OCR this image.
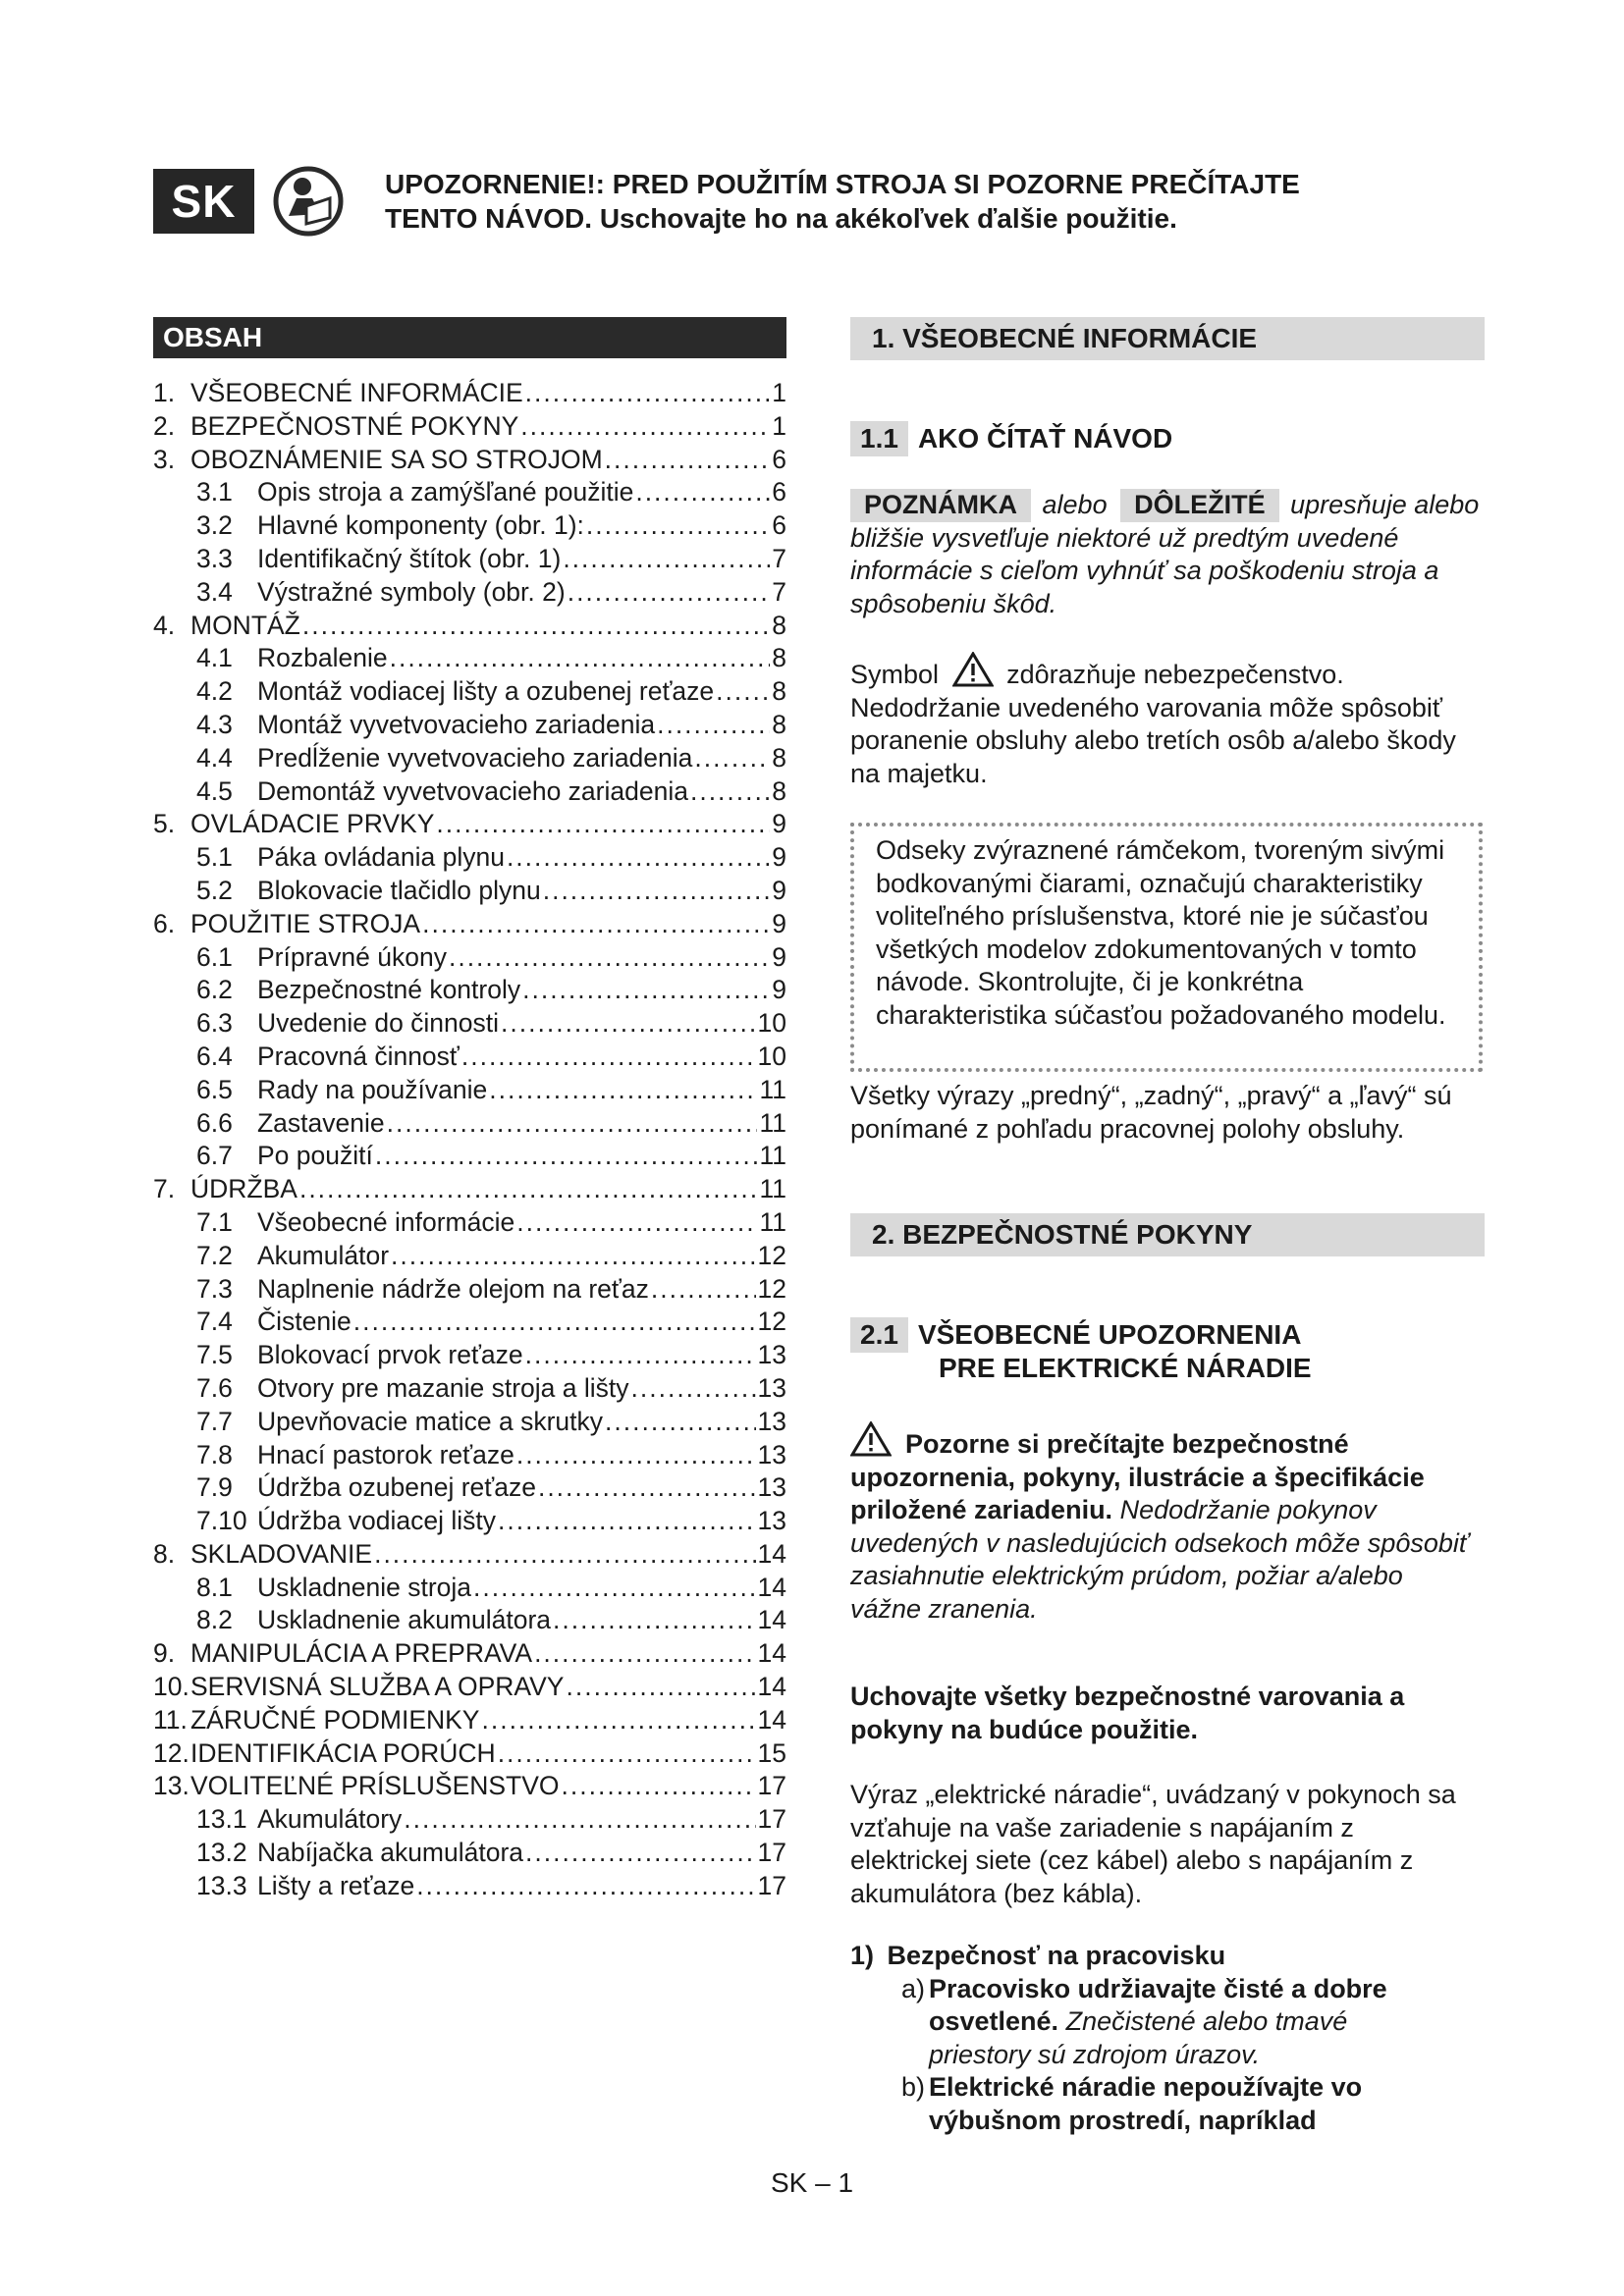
SK	UPOZORNENIE!: PRED POUŽITÍM STROJA SI POZORNE PREČÍTAJTE
TENTO NÁVOD. Uschovajte ho na akékoľvek ďalšie použitie.
OBSAH
1. VŠEOBECNÉ INFORMÁCIE .....	1
2. BEZPEČNOSTNÉ POKYNY .....	1
3. OBOZNÁMENIE SA SO STROJOM .....	6
3.1 Opis stroja a zamýšľané použitie .....	6
3.2 Hlavné komponenty (obr. 1): .....	6
3.3 Identifikačný štítok (obr. 1) .....	7
3.4 Výstražné symboly (obr. 2) .....	7
4. MONTÁŽ .....	8
4.1 Rozbalenie .....	8
4.2 Montáž vodiacej lišty a ozubenej reťaze ..... 8
4.3 Montáž vyvetvovacieho zariadenia .....	8
4.4 Predĺženie vyvetvovacieho zariadenia .....	8
4.5 Demontáž vyvetvovacieho zariadenia .....	8
5. OVLÁDACIE PRVKY .....	9
5.1 Páka ovládania plynu .....	9
5.2 Blokovacie tlačidlo plynu .....	9
6. POUŽITIE STROJA .....	9
6.1 Prípravné úkony .....	9
6.2 Bezpečnostné kontroly .....	9
6.3 Uvedenie do činnosti .....	10
6.4 Pracovná činnosť .....	10
6.5 Rady na používanie .....	11
6.6 Zastavenie .....	11
6.7 Po použití .....	11
7. ÚDRŽBA .....	11
7.1 Všeobecné informácie .....	11
7.2 Akumulátor .....	12
7.3 Naplnenie nádrže olejom na reťaz .....	12
7.4 Čistenie .....	12
7.5 Blokovací prvok reťaze .....	13
7.6 Otvory pre mazanie stroja a lišty .....	13
7.7 Upevňovacie matice a skrutky .....	13
7.8 Hnací pastorok reťaze .....	13
7.9 Údržba ozubenej reťaze .....	13
7.10 Údržba vodiacej lišty .....	13
8. SKLADOVANIE .....	14
8.1 Uskladnenie stroja .....	14
8.2 Uskladnenie akumulátora .....	14
9. MANIPULÁCIA A PREPRAVA .....	14
10. SERVISNÁ SLUŽBA A OPRAVY .....	14
11. ZÁRUČNÉ PODMIENKY .....	14
12. IDENTIFIKÁCIA PORÚCH .....	15
13. VOLITEĽNÉ PRÍSLUŠENSTVO .....	17
13.1 Akumulátory .....	17
13.2 Nabíjačka akumulátora .....	17
13.3 Lišty a reťaze .....	17
1. VŠEOBECNÉ INFORMÁCIE
1.1 AKO ČÍTAŤ NÁVOD
POZNÁMKA alebo DÔLEŽITÉ upresňuje alebo bližšie vysvetľuje niektoré už predtým uvedené informácie s cieľom vyhnúť sa poškodeniu stroja a spôsobeniu škôd.
Symbol	zdôrazňuje nebezpečenstvo. Nedodržanie uvedeného varovania môže spôsobiť poranenie obsluhy alebo tretích osôb a/alebo škody na majetku.
Odseky zvýraznené rámčekom, tvoreným sivými bodkovanými čiarami, označujú charakteristiky voliteľného príslušenstva, ktoré nie je súčasťou všetkých modelov zdokumentovaných v tomto návode. Skontrolujte, či je konkrétna charakteristika súčasťou požadovaného modelu.
Všetky výrazy „predný“, „zadný“, „pravý“ a „ľavý“ sú ponímané z pohľadu pracovnej polohy obsluhy.
2. BEZPEČNOSTNÉ POKYNY
2.1 VŠEOBECNÉ UPOZORNENIA
PRE ELEKTRICKÉ NÁRADIE
Pozorne si prečítajte bezpečnostné upozornenia, pokyny, ilustrácie a špecifikácie priložené zariadeniu. Nedodržanie pokynov uvedených v nasledujúcich odsekoch môže spôsobiť zasiahnutie elektrickým prúdom, požiar a/alebo vážne zranenia.
Uchovajte všetky bezpečnostné varovania a pokyny na budúce použitie.
Výraz „elektrické náradie“, uvádzaný v pokynoch sa vzťahuje na vaše zariadenie s napájaním z elektrickej siete (cez kábel) alebo s napájaním z akumulátora (bez kábla).
1) Bezpečnosť na pracovisku
a) Pracovisko udržiavajte čisté a dobre osvetlené. Znečistené alebo tmavé priestory sú zdrojom úrazov.
b) Elektrické náradie nepoužívajte vo výbušnom prostredí, napríklad
SK – 1
